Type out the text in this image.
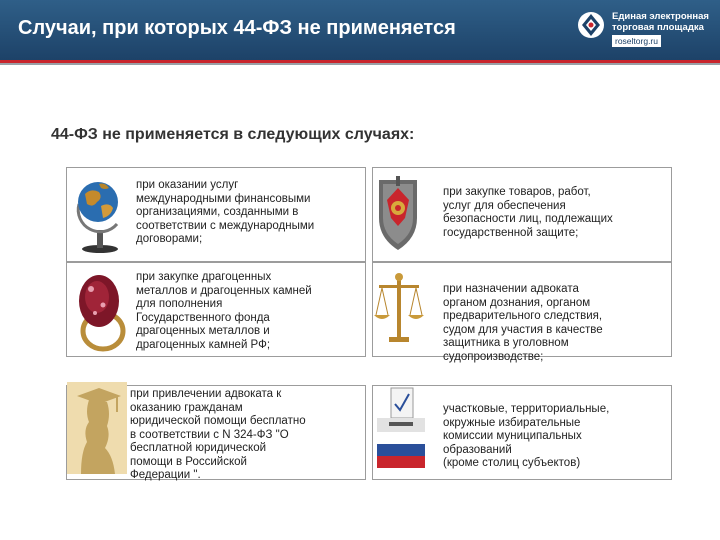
Случаи, при которых 44-ФЗ не применяется
Единая электронная
торговая площадка
roseltorg.ru
44-ФЗ не применяется в следующих случаях:
при оказании услуг
международными финансовыми
организациями, созданными в
соответствии с международными
договорами;
при закупке товаров, работ,
услуг для обеспечения
безопасности лиц, подлежащих
государственной защите;
при закупке драгоценных
металлов и драгоценных камней
для пополнения
Государственного фонда
драгоценных металлов и
драгоценных камней РФ;
при назначении адвоката
органом дознания, органом
предварительного следствия,
судом для участия в качестве
защитника в уголовном
судопроизводстве;
при привлечении адвоката к
оказанию гражданам
юридической помощи бесплатно
в соответствии с N 324-ФЗ "О
бесплатной юридической
помощи в Российской
Федерации ".
участковые, территориальные,
окружные избирательные
комиссии муниципальных
образований
(кроме столиц субъектов)
